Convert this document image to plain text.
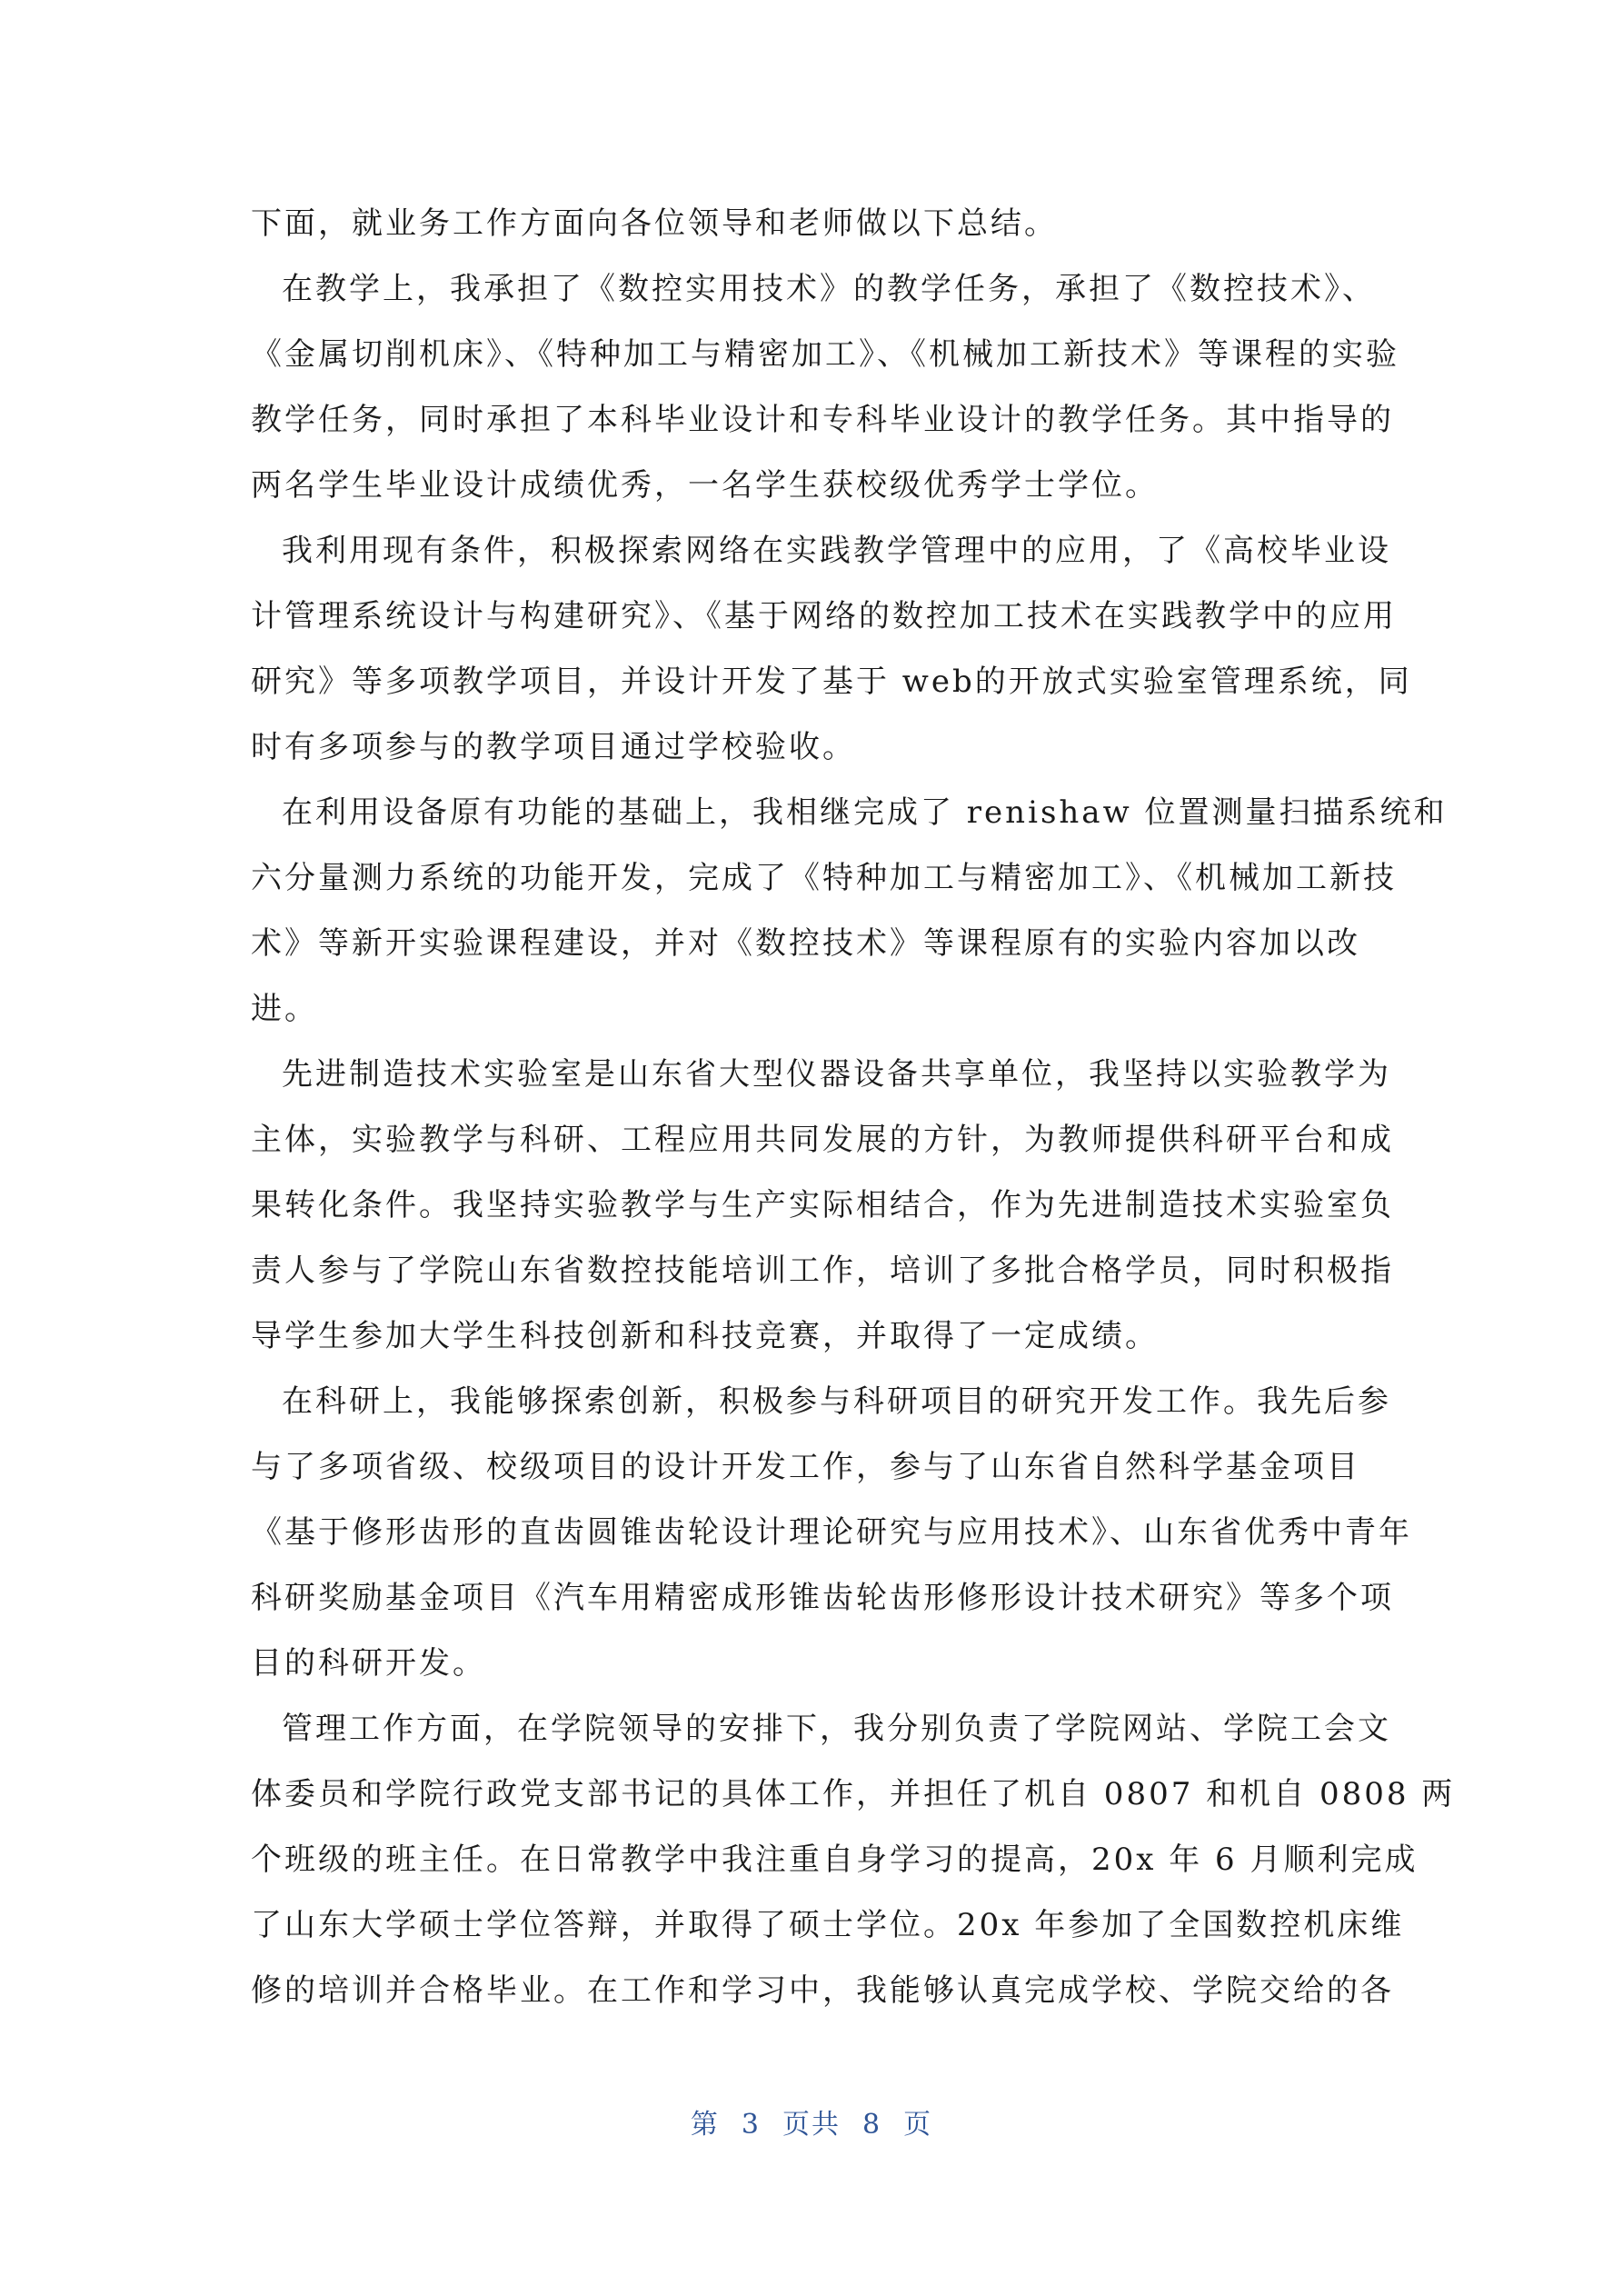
下面，就业务工作方面向各位领导和老师做以下总结。
在教学上，我承担了《数控实用技术》的教学任务，承担了《数控技术》、
《金属切削机床》、《特种加工与精密加工》、《机械加工新技术》等课程的实验
教学任务，同时承担了本科毕业设计和专科毕业设计的教学任务。其中指导的
两名学生毕业设计成绩优秀，一名学生获校级优秀学士学位。
我利用现有条件，积极探索网络在实践教学管理中的应用，了《高校毕业设
计管理系统设计与构建研究》、《基于网络的数控加工技术在实践教学中的应用
研究》等多项教学项目，并设计开发了基于 web的开放式实验室管理系统，同
时有多项参与的教学项目通过学校验收。
在利用设备原有功能的基础上，我相继完成了 renishaw 位置测量扫描系统和
六分量测力系统的功能开发，完成了《特种加工与精密加工》、《机械加工新技
术》等新开实验课程建设，并对《数控技术》等课程原有的实验内容加以改
进。
先进制造技术实验室是山东省大型仪器设备共享单位，我坚持以实验教学为
主体，实验教学与科研、工程应用共同发展的方针，为教师提供科研平台和成
果转化条件。我坚持实验教学与生产实际相结合，作为先进制造技术实验室负
责人参与了学院山东省数控技能培训工作，培训了多批合格学员，同时积极指
导学生参加大学生科技创新和科技竞赛，并取得了一定成绩。
在科研上，我能够探索创新，积极参与科研项目的研究开发工作。我先后参
与了多项省级、校级项目的设计开发工作，参与了山东省自然科学基金项目
《基于修形齿形的直齿圆锥齿轮设计理论研究与应用技术》、山东省优秀中青年
科研奖励基金项目《汽车用精密成形锥齿轮齿形修形设计技术研究》等多个项
目的科研开发。
管理工作方面，在学院领导的安排下，我分别负责了学院网站、学院工会文
体委员和学院行政党支部书记的具体工作，并担任了机自 0807 和机自 0808 两
个班级的班主任。在日常教学中我注重自身学习的提高，20x 年 6 月顺利完成
了山东大学硕士学位答辩，并取得了硕士学位。20x 年参加了全国数控机床维
修的培训并合格毕业。在工作和学习中，我能够认真完成学校、学院交给的各
第 3 页共 8 页
